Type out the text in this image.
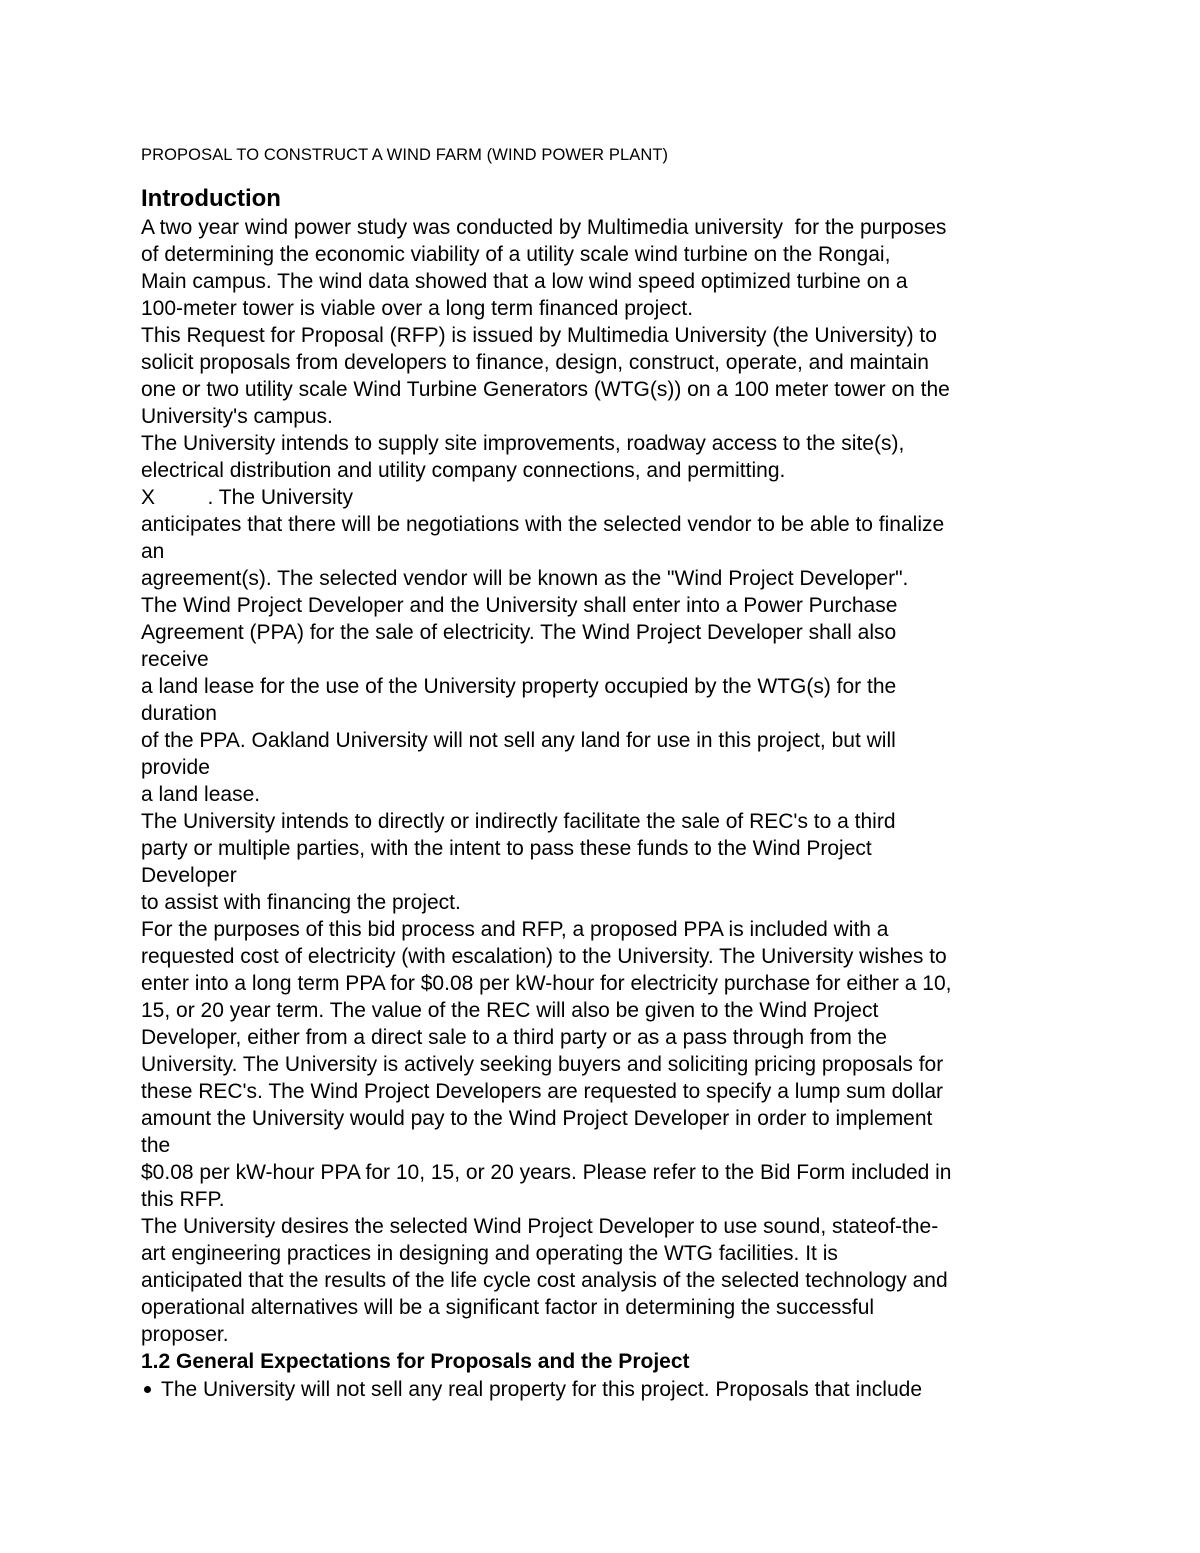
PROPOSAL TO CONSTRUCT A WIND FARM (WIND POWER PLANT)
Introduction

A two year wind power study was conducted by Multimedia university  for the purposes

of determining the economic viability of a utility scale wind turbine on the Rongai,

Main campus. The wind data showed that a low wind speed optimized turbine on a

100-meter tower is viable over a long term financed project.

This Request for Proposal (RFP) is issued by Multimedia University (the University) to

solicit proposals from developers to finance, design, construct, operate, and maintain

one or two utility scale Wind Turbine Generators (WTG(s)) on a 100 meter tower on the

University's campus.

The University intends to supply site improvements, roadway access to the site(s),

electrical distribution and utility company connections, and permitting.

X         . The University

anticipates that there will be negotiations with the selected vendor to be able to finalize

an

agreement(s). The selected vendor will be known as the "Wind Project Developer".

The Wind Project Developer and the University shall enter into a Power Purchase

Agreement (PPA) for the sale of electricity. The Wind Project Developer shall also

receive

a land lease for the use of the University property occupied by the WTG(s) for the

duration

of the PPA. Oakland University will not sell any land for use in this project, but will

provide

a land lease.

The University intends to directly or indirectly facilitate the sale of REC's to a third

party or multiple parties, with the intent to pass these funds to the Wind Project

Developer

to assist with financing the project.

For the purposes of this bid process and RFP, a proposed PPA is included with a

requested cost of electricity (with escalation) to the University. The University wishes to

enter into a long term PPA for $0.08 per kW-hour for electricity purchase for either a 10,

15, or 20 year term. The value of the REC will also be given to the Wind Project

Developer, either from a direct sale to a third party or as a pass through from the

University. The University is actively seeking buyers and soliciting pricing proposals for

these REC's. The Wind Project Developers are requested to specify a lump sum dollar

amount the University would pay to the Wind Project Developer in order to implement

the

$0.08 per kW-hour PPA for 10, 15, or 20 years. Please refer to the Bid Form included in

this RFP.

The University desires the selected Wind Project Developer to use sound, stateof-the-

art engineering practices in designing and operating the WTG facilities. It is

anticipated that the results of the life cycle cost analysis of the selected technology and

operational alternatives will be a significant factor in determining the successful

proposer.

1.2 General Expectations for Proposals and the Project
The University will not sell any real property for this project. Proposals that include
